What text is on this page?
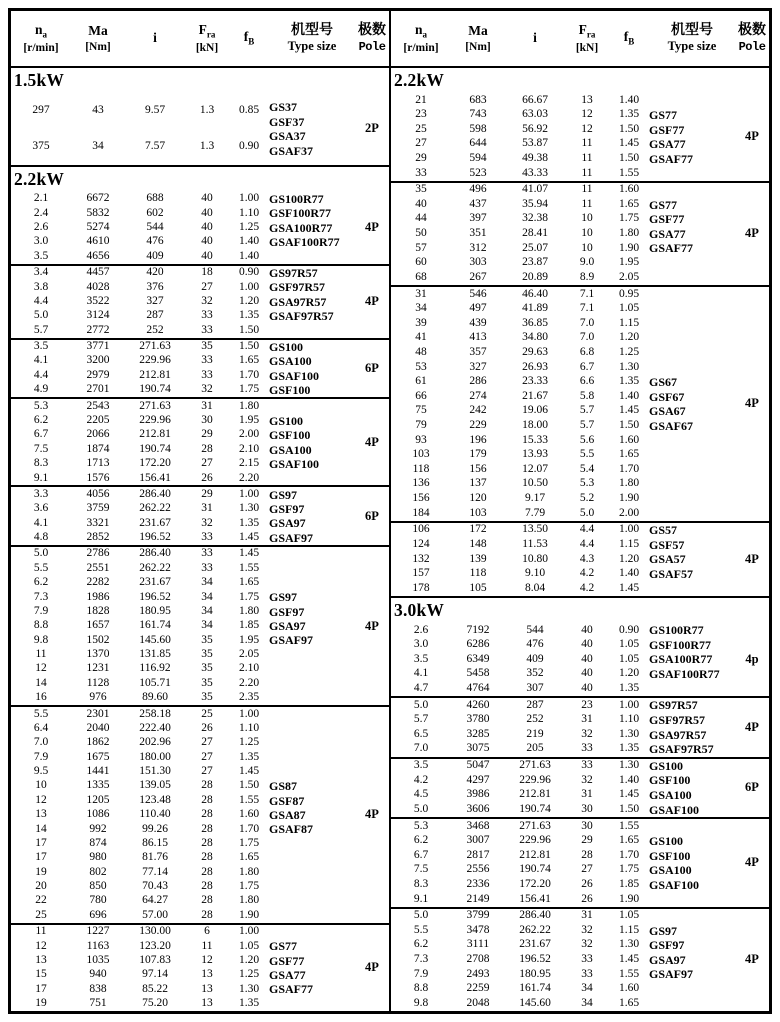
$n_a$
[r/min]
Ma
[Nm]
i
$F_{ra}$
[kN]
$f_B$
机型号
Type size
极数
Pole
1.5kW
297	43	9.57	1.3	0.85
375	34	7.57	1.3	0.90
GS37
GSF37
GSA37
GSAF37
2P
2.2kW
2.1	6672	688	40	1.00
2.4	5832	602	40	1.10
2.6	5274	544	40	1.25
3.0	4610	476	40	1.40
3.5	4656	409	40	1.40
GS100R77
GSF100R77
GSA100R77
GSAF100R77
4P
3.4	4457	420	18	0.90
3.8	4028	376	27	1.00
4.4	3522	327	32	1.20
5.0	3124	287	33	1.35
5.7	2772	252	33	1.50
GS97R57
GSF97R57
GSA97R57
GSAF97R57
4P
3.5	3771	271.63	35	1.50
4.1	3200	229.96	33	1.65
4.4	2979	212.81	33	1.70
4.9	2701	190.74	32	1.75
GS100
GSA100
GSAF100
GSF100
6P
5.3	2543	271.63	31	1.80
6.2	2205	229.96	30	1.95
6.7	2066	212.81	29	2.00
7.5	1874	190.74	28	2.10
8.3	1713	172.20	27	2.15
9.1	1576	156.41	26	2.20
GS100
GSF100
GSA100
GSAF100
4P
3.3	4056	286.40	29	1.00
3.6	3759	262.22	31	1.30
4.1	3321	231.67	32	1.35
4.8	2852	196.52	33	1.45
GS97
GSF97
GSA97
GSAF97
6P
5.0	2786	286.40	33	1.45
5.5	2551	262.22	33	1.55
6.2	2282	231.67	34	1.65
7.3	1986	196.52	34	1.75
7.9	1828	180.95	34	1.80
8.8	1657	161.74	34	1.85
9.8	1502	145.60	35	1.95
11	1370	131.85	35	2.05
12	1231	116.92	35	2.10
14	1128	105.71	35	2.20
16	976	89.60	35	2.35
GS97
GSF97
GSA97
GSAF97
4P
5.5	2301	258.18	25	1.00
6.4	2040	222.40	26	1.10
7.0	1862	202.96	27	1.25
7.9	1675	180.00	27	1.35
9.5	1441	151.30	27	1.45
10	1335	139.05	28	1.50
12	1205	123.48	28	1.55
13	1086	110.40	28	1.60
14	992	99.26	28	1.70
17	874	86.15	28	1.75
17	980	81.76	28	1.65
19	802	77.14	28	1.80
20	850	70.43	28	1.75
22	780	64.27	28	1.80
25	696	57.00	28	1.90
GS87
GSF87
GSA87
GSAF87
4P
11	1227	130.00	6	1.00
12	1163	123.20	11	1.05
13	1035	107.83	12	1.20
15	940	97.14	13	1.25
17	838	85.22	13	1.30
19	751	75.20	13	1.35
GS77
GSF77
GSA77
GSAF77
4P
$n_a$
[r/min]
Ma
[Nm]
i
$F_{ra}$
[kN]
$f_B$
机型号
Type size
极数
Pole
2.2kW
21	683	66.67	13	1.40
23	743	63.03	12	1.35
25	598	56.92	12	1.50
27	644	53.87	11	1.45
29	594	49.38	11	1.50
33	523	43.33	11	1.55
GS77
GSF77
GSA77
GSAF77
4P
35	496	41.07	11	1.60
40	437	35.94	11	1.65
44	397	32.38	10	1.75
50	351	28.41	10	1.80
57	312	25.07	10	1.90
60	303	23.87	9.0	1.95
68	267	20.89	8.9	2.05
GS77
GSF77
GSA77
GSAF77
4P
31	546	46.40	7.1	0.95
34	497	41.89	7.1	1.05
39	439	36.85	7.0	1.15
41	413	34.80	7.0	1.20
48	357	29.63	6.8	1.25
53	327	26.93	6.7	1.30
61	286	23.33	6.6	1.35
66	274	21.67	5.8	1.40
75	242	19.06	5.7	1.45
79	229	18.00	5.7	1.50
93	196	15.33	5.6	1.60
103	179	13.93	5.5	1.65
118	156	12.07	5.4	1.70
136	137	10.50	5.3	1.80
156	120	9.17	5.2	1.90
184	103	7.79	5.0	2.00
GS67
GSF67
GSA67
GSAF67
4P
106	172	13.50	4.4	1.00
124	148	11.53	4.4	1.15
132	139	10.80	4.3	1.20
157	118	9.10	4.2	1.40
178	105	8.04	4.2	1.45
GS57
GSF57
GSA57
GSAF57
4P
3.0kW
2.6	7192	544	40	0.90
3.0	6286	476	40	1.05
3.5	6349	409	40	1.05
4.1	5458	352	40	1.20
4.7	4764	307	40	1.35
GS100R77
GSF100R77
GSA100R77
GSAF100R77
4p
5.0	4260	287	23	1.00
5.7	3780	252	31	1.10
6.5	3285	219	32	1.30
7.0	3075	205	33	1.35
GS97R57
GSF97R57
GSA97R57
GSAF97R57
4P
3.5	5047	271.63	33	1.30
4.2	4297	229.96	32	1.40
4.5	3986	212.81	31	1.45
5.0	3606	190.74	30	1.50
GS100
GSF100
GSA100
GSAF100
6P
5.3	3468	271.63	30	1.55
6.2	3007	229.96	29	1.65
6.7	2817	212.81	28	1.70
7.5	2556	190.74	27	1.75
8.3	2336	172.20	26	1.85
9.1	2149	156.41	26	1.90
GS100
GSF100
GSA100
GSAF100
4P
5.0	3799	286.40	31	1.05
5.5	3478	262.22	32	1.15
6.2	3111	231.67	32	1.30
7.3	2708	196.52	33	1.45
7.9	2493	180.95	33	1.55
8.8	2259	161.74	34	1.60
9.8	2048	145.60	34	1.65
GS97
GSF97
GSA97
GSAF97
4P
